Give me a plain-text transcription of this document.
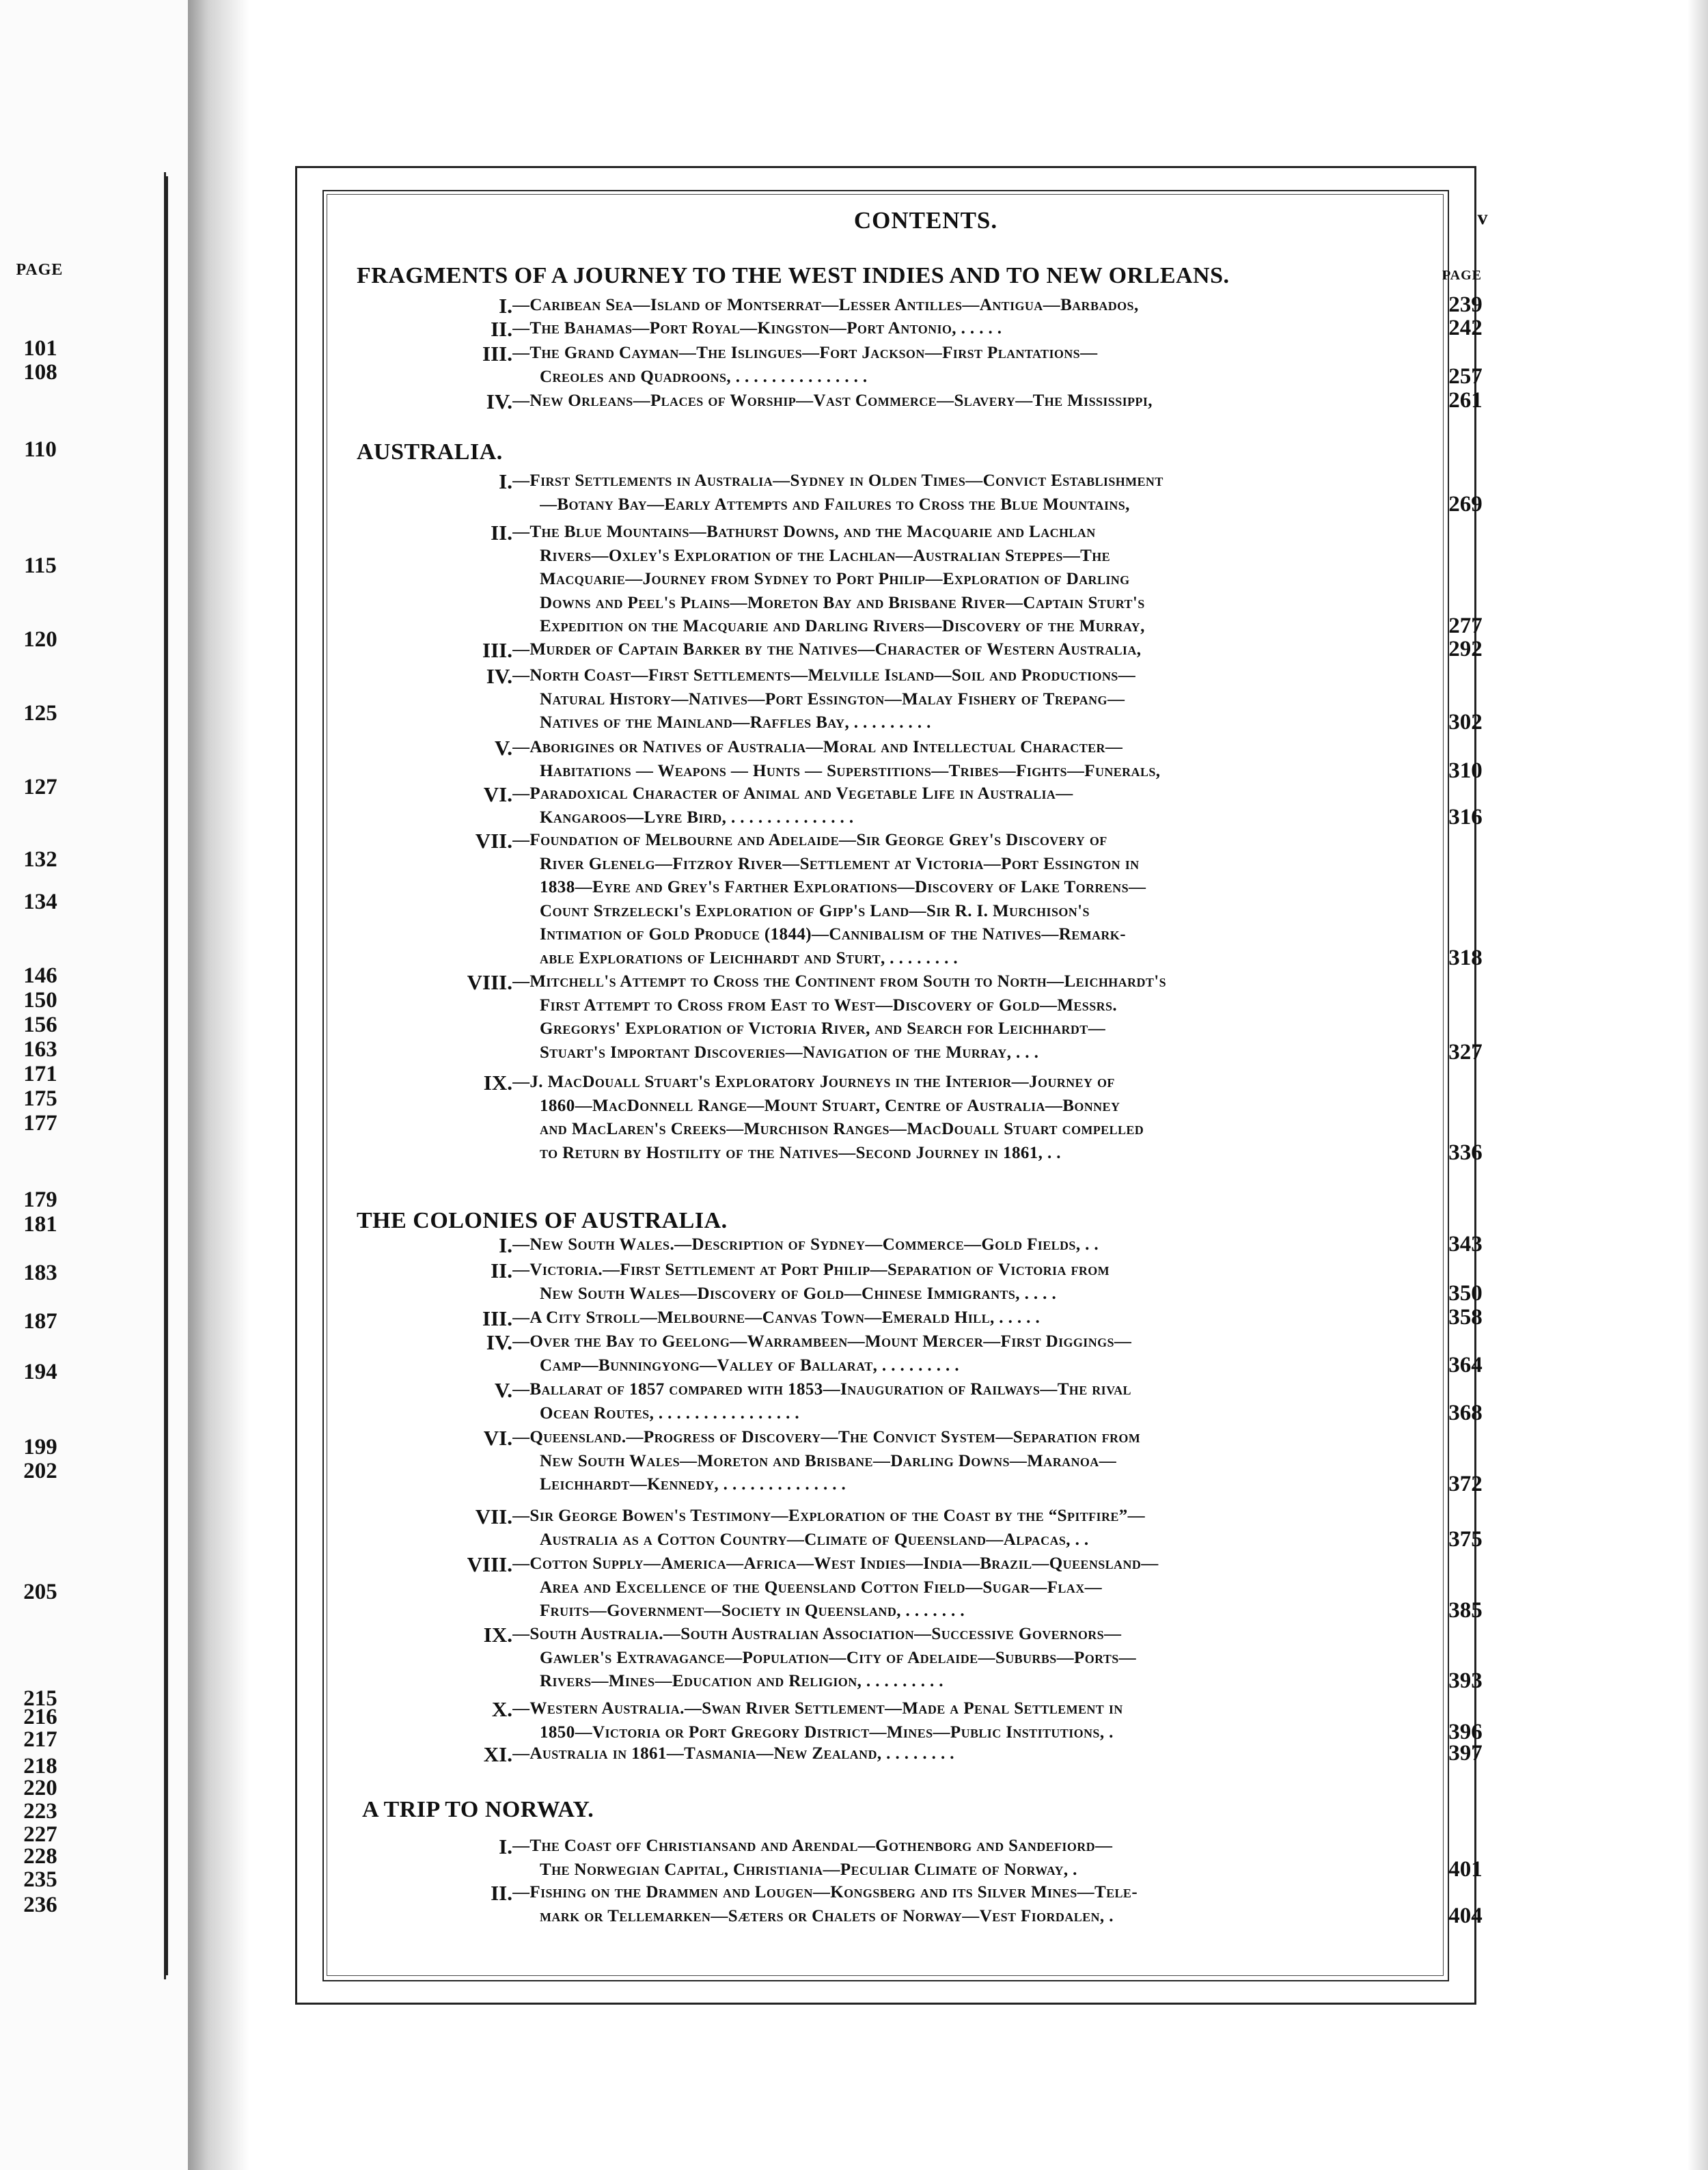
PAGE
101
108
110
115
120
125
127
132
134
146
150
156
163
171
175
177
179
181
183
187
194
199
202
205
215
216
217
218
220
223
227
228
235
236
CONTENTS.	v
PAGE
FRAGMENTS OF A JOURNEY TO THE WEST INDIES AND TO NEW ORLEANS.
I. —Caribean Sea—Island of Montserrat—Lesser Antilles—Antigua—Barbados,	239
II. —The Bahamas—Port Royal—Kingston—Port Antonio, . . . . .	242
III. —The Grand Cayman—The Islingues—Fort Jackson—First Plantations—
Creoles and Quadroons, . . . . . . . . . . . . . . .	257
IV. —New Orleans—Places of Worship—Vast Commerce—Slavery—The Mississippi,	261
AUSTRALIA.
I. —First Settlements in Australia—Sydney in Olden Times—Convict Establishment
—Botany Bay—Early Attempts and Failures to Cross the Blue Mountains,	269
II. —The Blue Mountains—Bathurst Downs, and the Macquarie and Lachlan
Rivers—Oxley's Exploration of the Lachlan—Australian Steppes—The
Macquarie—Journey from Sydney to Port Philip—Exploration of Darling
Downs and Peel's Plains—Moreton Bay and Brisbane River—Captain Sturt's
Expedition on the Macquarie and Darling Rivers—Discovery of the Murray,	277
III. —Murder of Captain Barker by the Natives—Character of Western Australia,	292
IV. —North Coast—First Settlements—Melville Island—Soil and Productions—
Natural History—Natives—Port Essington—Malay Fishery of Trepang—
Natives of the Mainland—Raffles Bay, . . . . . . . . .	302
V. —Aborigines or Natives of Australia—Moral and Intellectual Character—
Habitations — Weapons — Hunts — Superstitions—Tribes—Fights—Funerals,	310
VI. —Paradoxical Character of Animal and Vegetable Life in Australia—
Kangaroos—Lyre Bird, . . . . . . . . . . . . . .	316
VII. —Foundation of Melbourne and Adelaide—Sir George Grey's Discovery of
River Glenelg—Fitzroy River—Settlement at Victoria—Port Essington in
1838—Eyre and Grey's Farther Explorations—Discovery of Lake Torrens—
Count Strzelecki's Exploration of Gipp's Land—Sir R. I. Murchison's
Intimation of Gold Produce (1844)—Cannibalism of the Natives—Remark-
able Explorations of Leichhardt and Sturt, . . . . . . . .	318
VIII. —Mitchell's Attempt to Cross the Continent from South to North—Leichhardt's
First Attempt to Cross from East to West—Discovery of Gold—Messrs.
Gregorys' Exploration of Victoria River, and Search for Leichhardt—
Stuart's Important Discoveries—Navigation of the Murray, . . .	327
IX. —J. MacDouall Stuart's Exploratory Journeys in the Interior—Journey of
1860—MacDonnell Range—Mount Stuart, Centre of Australia—Bonney
and MacLaren's Creeks—Murchison Ranges—MacDouall Stuart compelled
to Return by Hostility of the Natives—Second Journey in 1861, . .	336
THE COLONIES OF AUSTRALIA.
I. —New South Wales.—Description of Sydney—Commerce—Gold Fields, . .	343
II. —Victoria.—First Settlement at Port Philip—Separation of Victoria from
New South Wales—Discovery of Gold—Chinese Immigrants, . . . .	350
III. —A City Stroll—Melbourne—Canvas Town—Emerald Hill, . . . . .	358
IV. —Over the Bay to Geelong—Warrambeen—Mount Mercer—First Diggings—
Camp—Bunningyong—Valley of Ballarat, . . . . . . . . .	364
V. —Ballarat of 1857 compared with 1853—Inauguration of Railways—The rival
Ocean Routes, . . . . . . . . . . . . . . . .	368
VI. —Queensland.—Progress of Discovery—The Convict System—Separation from
New South Wales—Moreton and Brisbane—Darling Downs—Maranoa—
Leichhardt—Kennedy, . . . . . . . . . . . . . .	372
VII. —Sir George Bowen's Testimony—Exploration of the Coast by the “Spitfire”—
Australia as a Cotton Country—Climate of Queensland—Alpacas, . .	375
VIII. —Cotton Supply—America—Africa—West Indies—India—Brazil—Queensland—
Area and Excellence of the Queensland Cotton Field—Sugar—Flax—
Fruits—Government—Society in Queensland, . . . . . . .	385
IX. —South Australia.—South Australian Association—Successive Governors—
Gawler's Extravagance—Population—City of Adelaide—Suburbs—Ports—
Rivers—Mines—Education and Religion, . . . . . . . . .	393
X. —Western Australia.—Swan River Settlement—Made a Penal Settlement in
1850—Victoria or Port Gregory District—Mines—Public Institutions, .	396
XI. —Australia in 1861—Tasmania—New Zealand, . . . . . . . .	397
A TRIP TO NORWAY.
I. —The Coast off Christiansand and Arendal—Gothenborg and Sandefiord—
The Norwegian Capital, Christiania—Peculiar Climate of Norway, .	401
II. —Fishing on the Drammen and Lougen—Kongsberg and its Silver Mines—Tele-
mark or Tellemarken—Sæters or Chalets of Norway—Vest Fiordalen, .	404
